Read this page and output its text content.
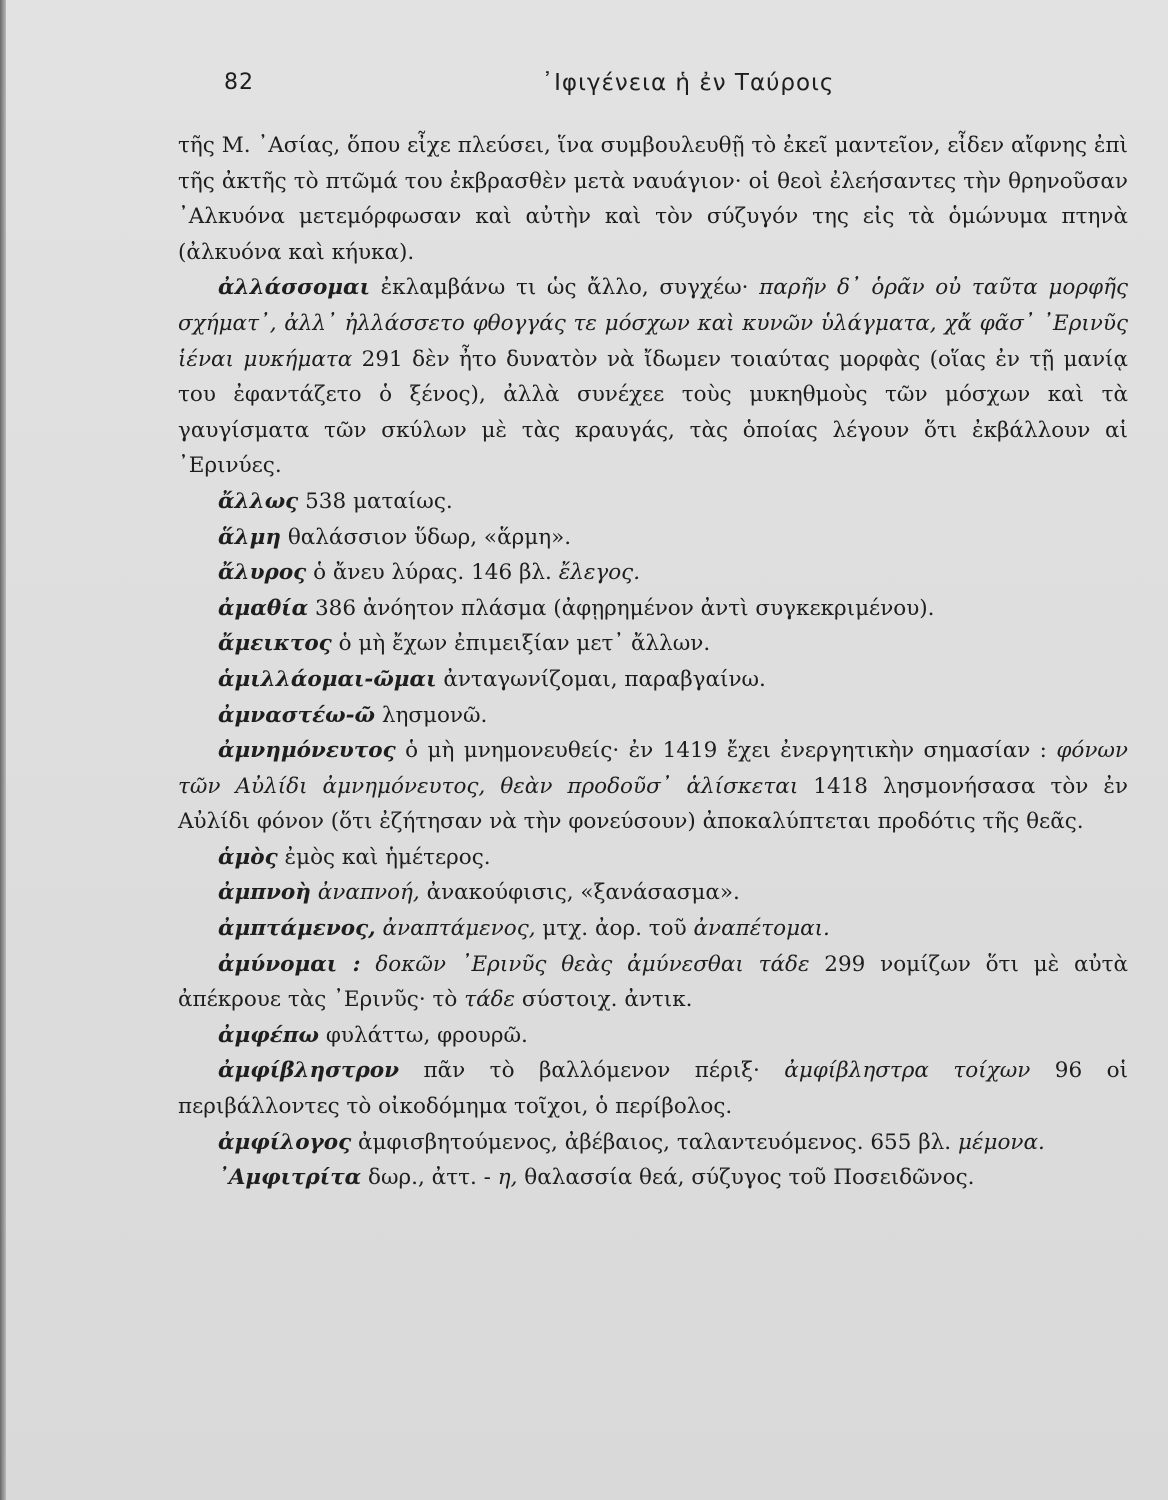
82	᾿Ιφιγένεια ἡ ἐν Ταύροις

τῆς Μ. ᾿Ασίας, ὅπου εἶχε πλεύσει, ἵνα συμβουλευθῇ τὸ ἐκεῖ μαντεῖον, εἶδεν αἴφνης ἐπὶ τῆς ἀκτῆς τὸ πτῶμά του ἐκβρασθὲν μετὰ ναυάγιον· οἱ θεοὶ ἐλεήσαντες τὴν θρηνοῦσαν ᾿Αλκυόνα μετεμόρφωσαν καὶ αὐτὴν καὶ τὸν σύζυγόν της εἰς τὰ ὁμώνυμα πτηνὰ (ἀλκυόνα καὶ κήυκα).

ἀλλάσσομαι ἐκλαμβάνω τι ὡς ἄλλο, συγχέω· παρῆν δ᾿ ὁρᾶν οὐ ταῦτα μορφῆς σχήματ᾿, ἀλλ᾿ ἠλλάσσετο φθογγάς τε μόσχων καὶ κυνῶν ὑλάγματα, χἄ φᾶσ᾿ ᾿Ερινῦς ἱέναι μυκήματα 291 δὲν ἦτο δυνατὸν νὰ ἴδωμεν τοιαύτας μορφὰς (οἵας ἐν τῇ μανίᾳ του ἐφαντάζετο ὁ ξένος), ἀλλὰ συνέχεε τοὺς μυκηθμοὺς τῶν μόσχων καὶ τὰ γαυγίσματα τῶν σκύλων μὲ τὰς κραυγάς, τὰς ὁποίας λέγουν ὅτι ἐκβάλλουν αἱ ᾿Ερινύες.

ἄλλως 538 ματαίως.

ἅλμη θαλάσσιον ὕδωρ, «ἅρμη».

ἄλυρος ὁ ἄνευ λύρας. 146 βλ. ἔλεγος.

ἀμαθία 386 ἀνόητον πλάσμα (ἀφῃρημένον ἀντὶ συγκεκριμένου).

ἄμεικτος ὁ μὴ ἔχων ἐπιμειξίαν μετ᾿ ἄλλων.

ἁμιλλάομαι-ῶμαι ἀνταγωνίζομαι, παραβγαίνω.

ἀμναστέω-ῶ λησμονῶ.

ἀμνημόνευτος ὁ μὴ μνημονευθείς· ἐν 1419 ἔχει ἐνεργητικὴν σημασίαν : φόνων τῶν Αὐλίδι ἀμνημόνευτος, θεὰν προδοῦσ᾿ ἁλίσκεται 1418 λησμονήσασα τὸν ἐν Αὐλίδι φόνον (ὅτι ἐζήτησαν νὰ τὴν φονεύσουν) ἀποκαλύπτεται προδότις τῆς θεᾶς.

ἁμὸς ἐμὸς καὶ ἡμέτερος.

ἀμπνοὴ ἀναπνοή, ἀνακούφισις, «ξανάσασμα».

ἀμπτάμενος, ἀναπτάμενος, μτχ. ἀορ. τοῦ ἀναπέτομαι.

ἀμύνομαι : δοκῶν ᾿Ερινῦς θεὰς ἀμύνεσθαι τάδε 299 νομίζων ὅτι μὲ αὐτὰ ἀπέκρουε τὰς ᾿Ερινῦς· τὸ τάδε σύστοιχ. ἀντικ.

ἀμφέπω φυλάττω, φρουρῶ.

ἀμφίβληστρον πᾶν τὸ βαλλόμενον πέριξ· ἀμφίβληστρα τοίχων 96 οἱ περιβάλλοντες τὸ οἰκοδόμημα τοῖχοι, ὁ περίβολος.

ἀμφίλογος ἀμφισβητούμενος, ἀβέβαιος, ταλαντευόμενος. 655 βλ. μέμονα.

᾿Αμφιτρίτα δωρ., ἀττ. - η, θαλασσία θεά, σύζυγος τοῦ Ποσειδῶνος.
